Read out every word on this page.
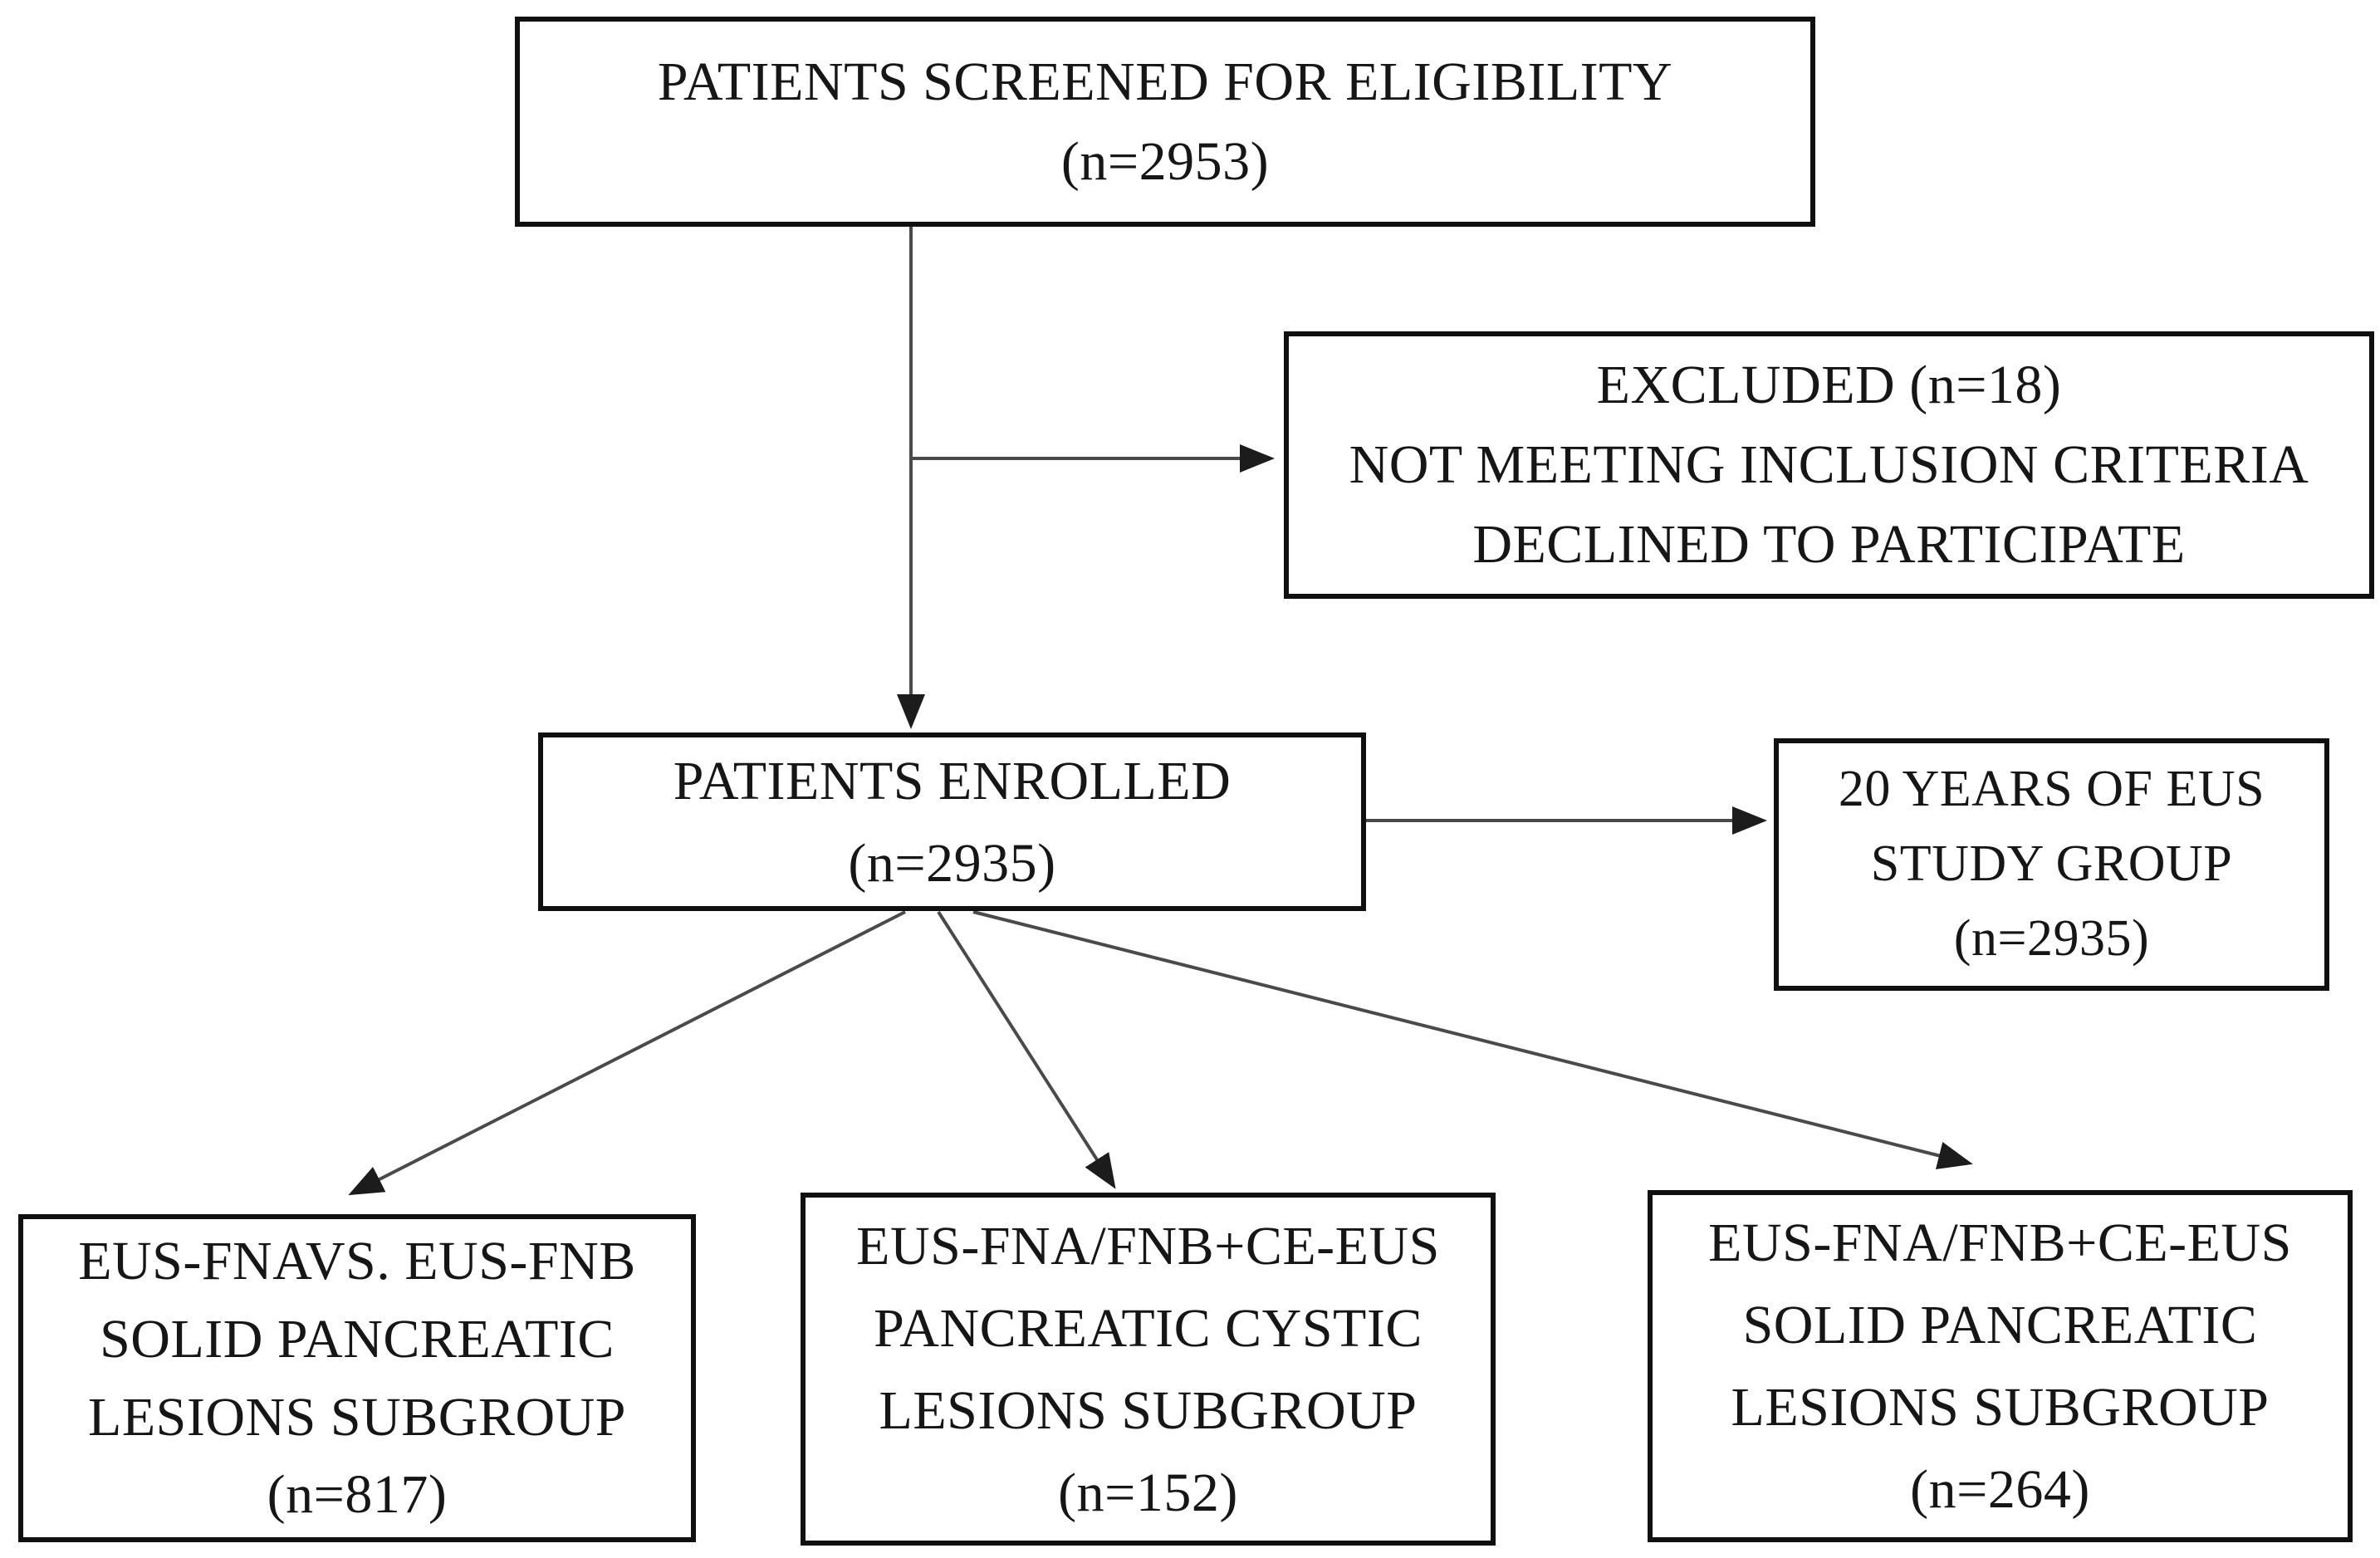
PATIENTS SCREENED FOR ELIGIBILITY
(n=2953)
EXCLUDED (n=18)
NOT MEETING INCLUSION CRITERIA
DECLINED TO PARTICIPATE
PATIENTS ENROLLED
(n=2935)
20 YEARS OF EUS
STUDY GROUP
(n=2935)
EUS-FNAVS. EUS-FNB
SOLID PANCREATIC
LESIONS SUBGROUP
(n=817)
EUS-FNA/FNB+CE-EUS
PANCREATIC CYSTIC
LESIONS SUBGROUP
(n=152)
EUS-FNA/FNB+CE-EUS
SOLID PANCREATIC
LESIONS SUBGROUP
(n=264)
